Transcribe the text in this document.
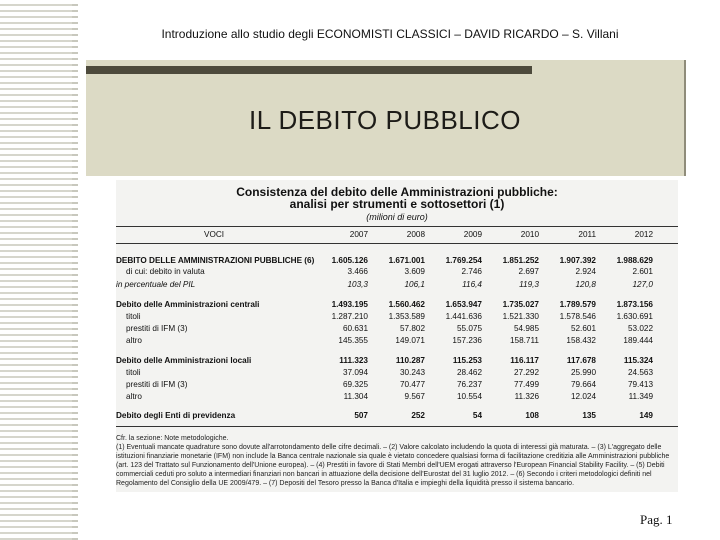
Introduzione allo studio degli ECONOMISTI CLASSICI – DAVID RICARDO – S. Villani
IL DEBITO PUBBLICO
Consistenza del debito delle Amministrazioni pubbliche:
analisi per strumenti e sottosettori (1)
(milioni di euro)
VOCI	2007	2008	2009	2010	2011	2012
DEBITO DELLE AMMINISTRAZIONI PUBBLICHE (6)	1.605.126	1.671.001	1.769.254	1.851.252	1.907.392	1.988.629
di cui: debito in valuta	3.466	3.609	2.746	2.697	2.924	2.601
in percentuale del PIL	103,3	106,1	116,4	119,3	120,8	127,0
Debito delle Amministrazioni centrali	1.493.195	1.560.462	1.653.947	1.735.027	1.789.579	1.873.156
titoli	1.287.210	1.353.589	1.441.636	1.521.330	1.578.546	1.630.691
prestiti di IFM (3)	60.631	57.802	55.075	54.985	52.601	53.022
altro	145.355	149.071	157.236	158.711	158.432	189.444
Debito delle Amministrazioni locali	111.323	110.287	115.253	116.117	117.678	115.324
titoli	37.094	30.243	28.462	27.292	25.990	24.563
prestiti di IFM (3)	69.325	70.477	76.237	77.499	79.664	79.413
altro	11.304	9.567	10.554	11.326	12.024	11.349
Debito degli Enti di previdenza	507	252	54	108	135	149
Cfr. la sezione: Note metodologiche.
(1) Eventuali mancate quadrature sono dovute all'arrotondamento delle cifre decimali. – (2) Valore calcolato includendo la quota di interessi già maturata. – (3) L'aggregato delle istituzioni finanziarie monetarie (IFM) non include la Banca centrale nazionale sia quale è vietato concedere qualsiasi forma di facilitazione creditizia alle Amministrazioni pubbliche (art. 123 del Trattato sul Funzionamento dell'Unione europea). – (4) Prestiti in favore di Stati Membri dell'UEM erogati attraverso l'European Financial Stability Facility. – (5) Debiti commerciali ceduti pro soluto a intermediari finanziari non bancari in attuazione della decisione dell'Eurostat del 31 luglio 2012. – (6) Secondo i criteri metodologici definiti nel Regolamento del Consiglio della UE 2009/479. – (7) Depositi del Tesoro presso la Banca d'Italia e impieghi della liquidità presso il sistema bancario.
Pag. 1
